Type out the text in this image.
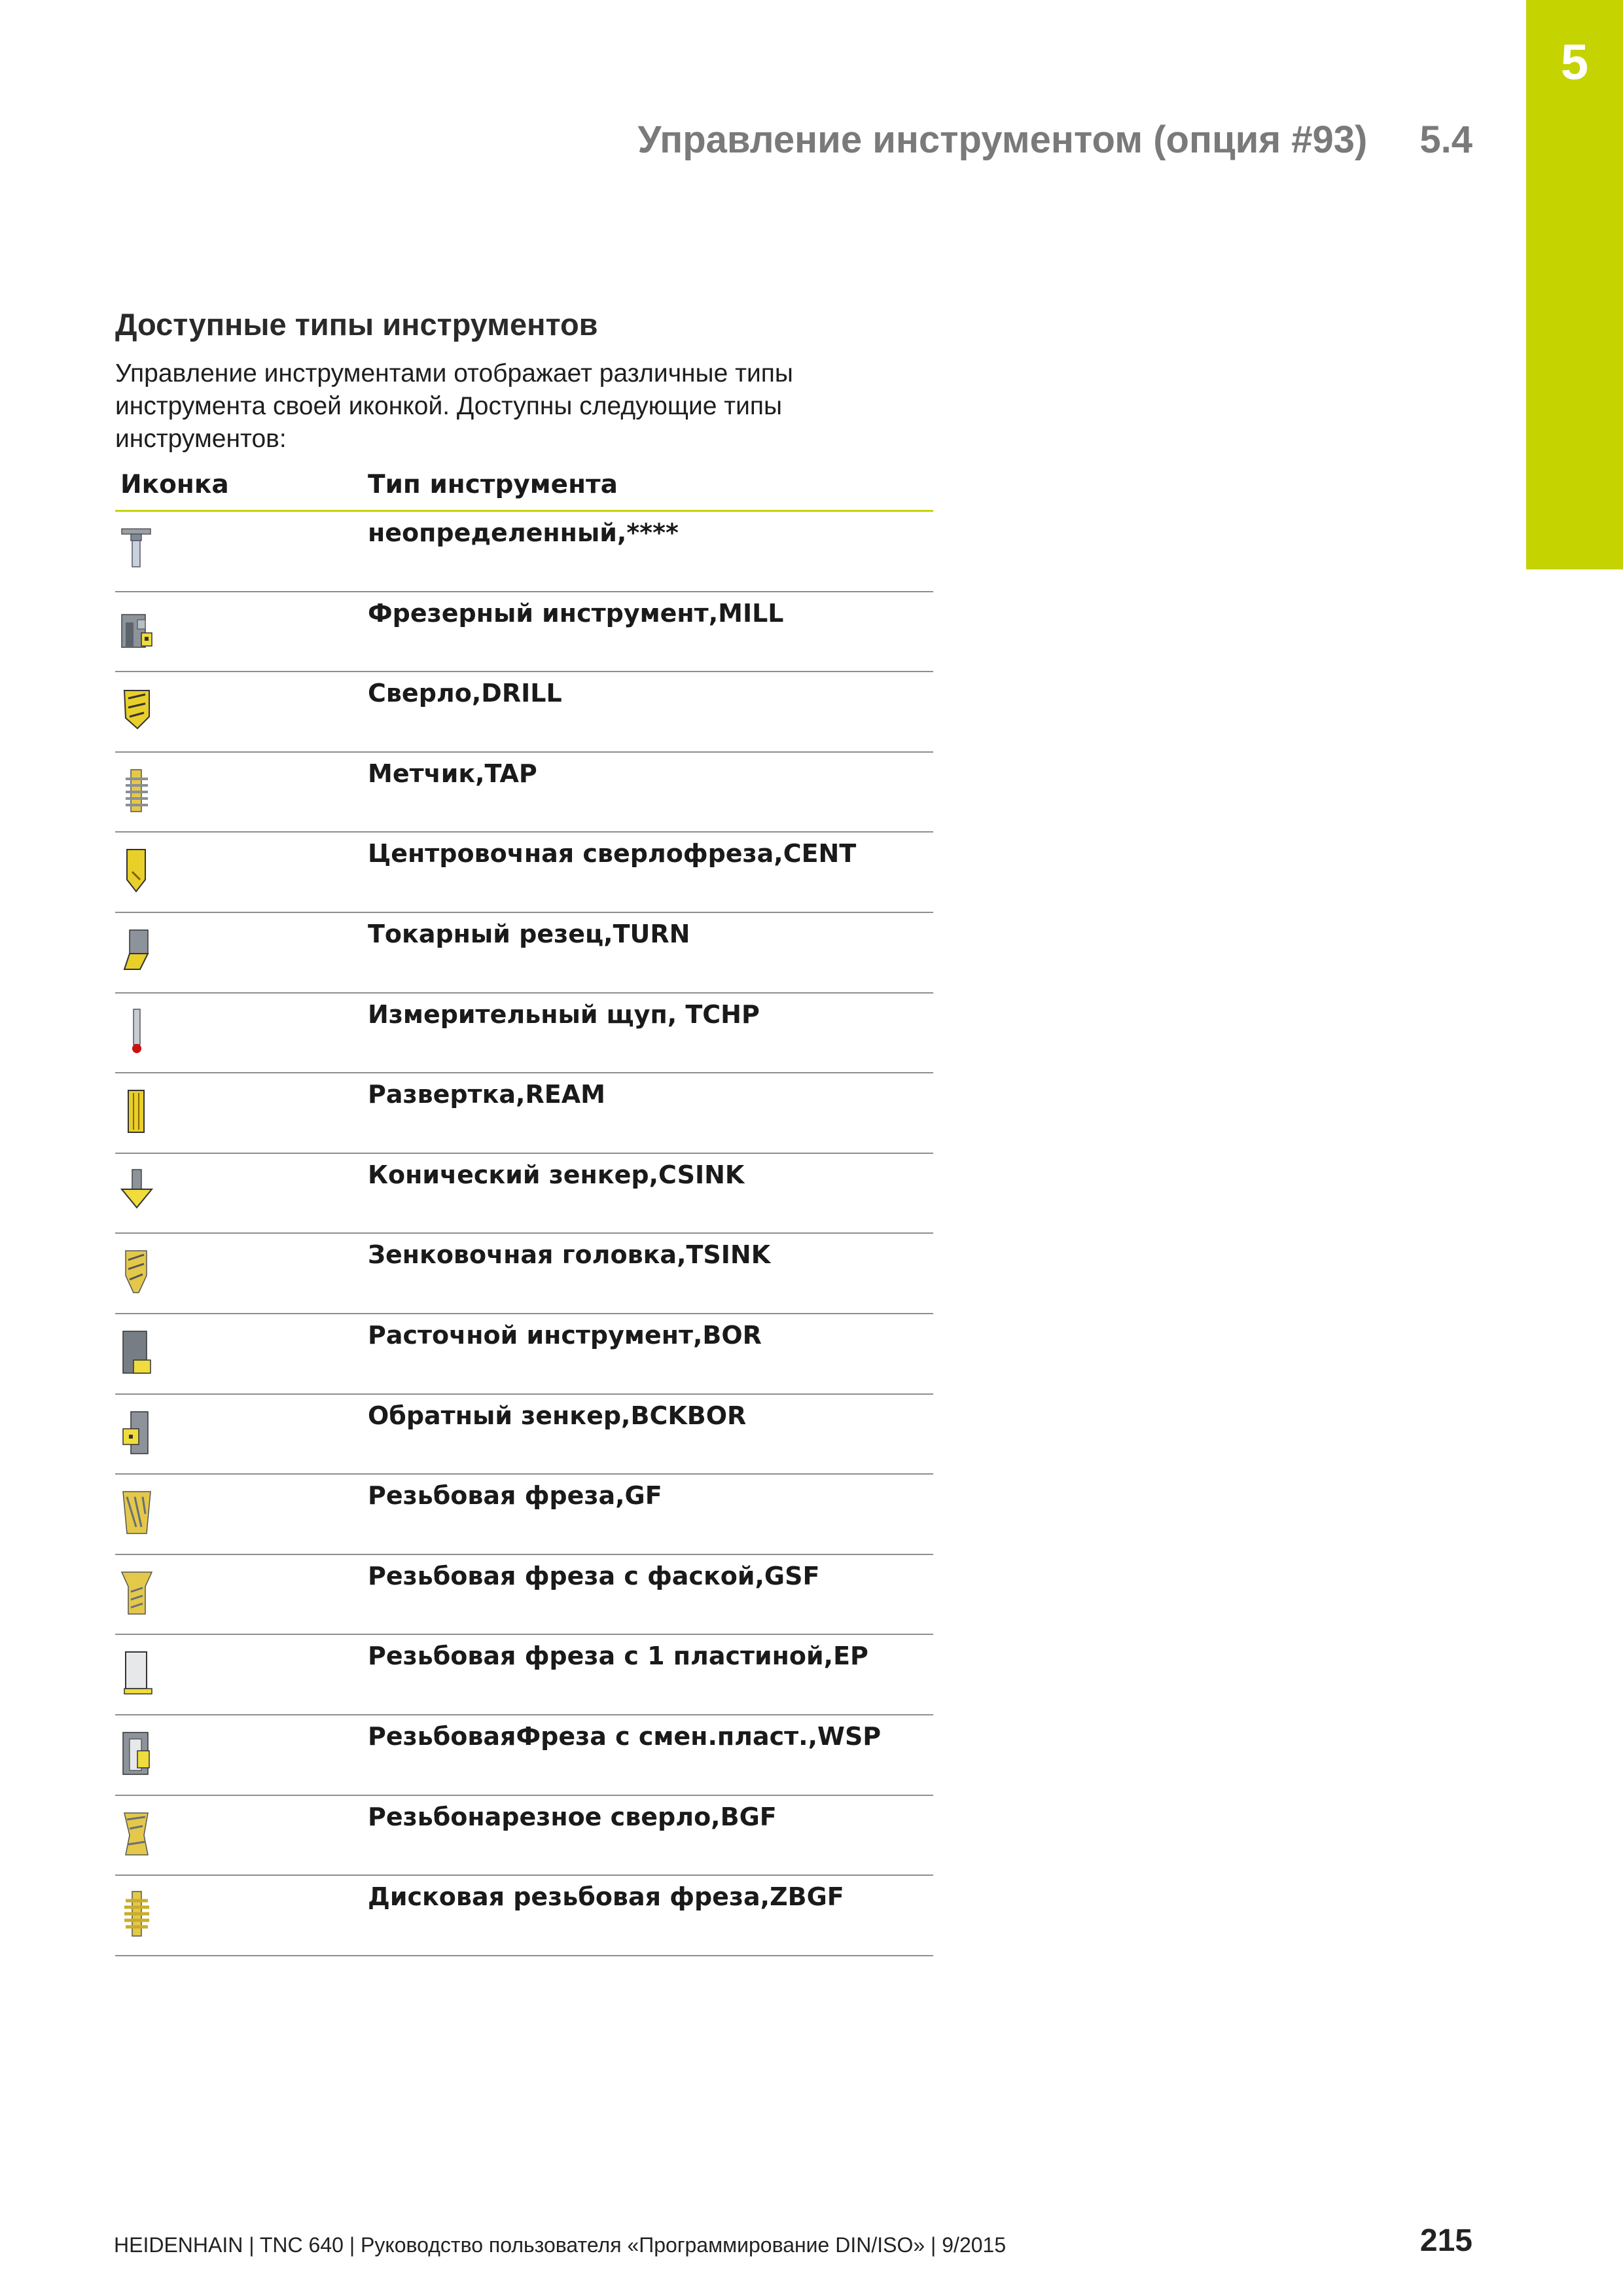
5
Управление инструментом (опция #93) 5.4
Доступные типы инструментов
Управление инструментами отображает различные типы инструмента своей иконкой. Доступны следующие типы инструментов:
Иконка	Тип инструмента
неопределенный,****
Фрезерный инструмент,MILL
Сверло,DRILL
Метчик,TAP
Центровочная сверлофреза,CENT
Токарный резец,TURN
Измерительный щуп, TCHP
Развертка,REAM
Конический зенкер,CSINK
Зенковочная головка,TSINK
Расточной инструмент,BOR
Обратный зенкер,BCKBOR
Резьбовая фреза,GF
Резьбовая фреза с фаской,GSF
Резьбовая фреза с 1 пластиной,EP
РезьбоваяФреза с смен.пласт.,WSP
Резьбонарезное сверло,BGF
Дисковая резьбовая фреза,ZBGF
HEIDENHAIN | TNC 640 | Руководство пользователя «Программирование DIN/ISO» | 9/2015	215
